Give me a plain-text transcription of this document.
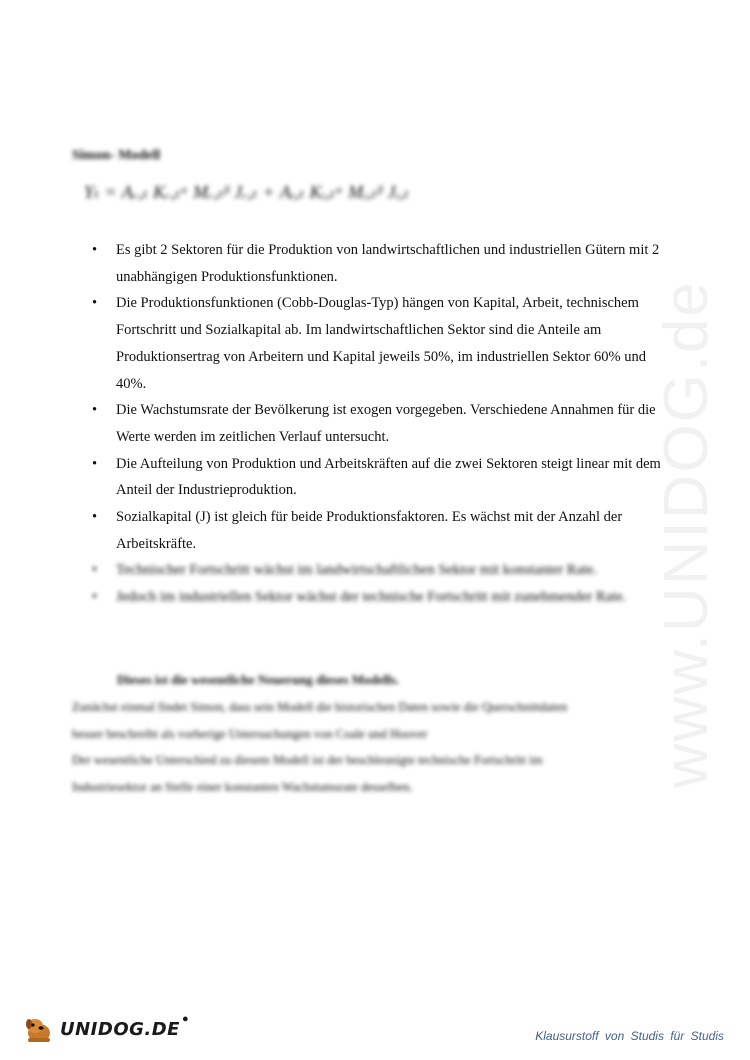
Simon- Modell
Yₜ = Aᵣ,ₜ Kᵣ,ₜᵅ Mᵣ,ₜᵝ Jᵣ,ₜ + Aᵢ,ₜ Kᵢ,ₜᵅ Mᵢ,ₜᵝ Jᵢ,ₜ
• Es gibt 2 Sektoren für die Produktion von landwirtschaftlichen und industriellen Gütern mit 2 unabhängigen Produktionsfunktionen.
• Die Produktionsfunktionen (Cobb-Douglas-Typ) hängen von Kapital, Arbeit, technischem Fortschritt und Sozialkapital ab. Im landwirtschaftlichen Sektor sind die Anteile am Produktionsertrag von Arbeitern und Kapital jeweils 50%, im industriellen Sektor 60% und 40%.
• Die Wachstumsrate der Bevölkerung ist exogen vorgegeben. Verschiedene Annahmen für die Werte werden im zeitlichen Verlauf untersucht.
• Die Aufteilung von Produktion und Arbeitskräften auf die zwei Sektoren steigt linear mit dem Anteil der Industrieproduktion.
• Sozialkapital (J) ist gleich für beide Produktionsfaktoren. Es wächst mit der Anzahl der Arbeitskräfte.
• Technischer Fortschritt wächst im landwirtschaftlichen Sektor mit konstanter Rate.
• Jedoch im industriellen Sektor wächst der technische Fortschritt mit zunehmender Rate.
Dieses ist die wesentliche Neuerung dieses Modells.

Zunächst einmal findet Simon, dass sein Modell die historischen Daten sowie die Querschnittdaten

besser beschreibt als vorherige Untersuchungen von Coale und Hoover

Der wesentliche Unterschied zu diesem Modell ist der beschleunigte technische Fortschritt im

Industriesektor an Stelle einer konstanten Wachstumsrate desselben.	www.UNIDOG.de
UNIDOG.DE ●
Klausurstoff von Studis für Studis
